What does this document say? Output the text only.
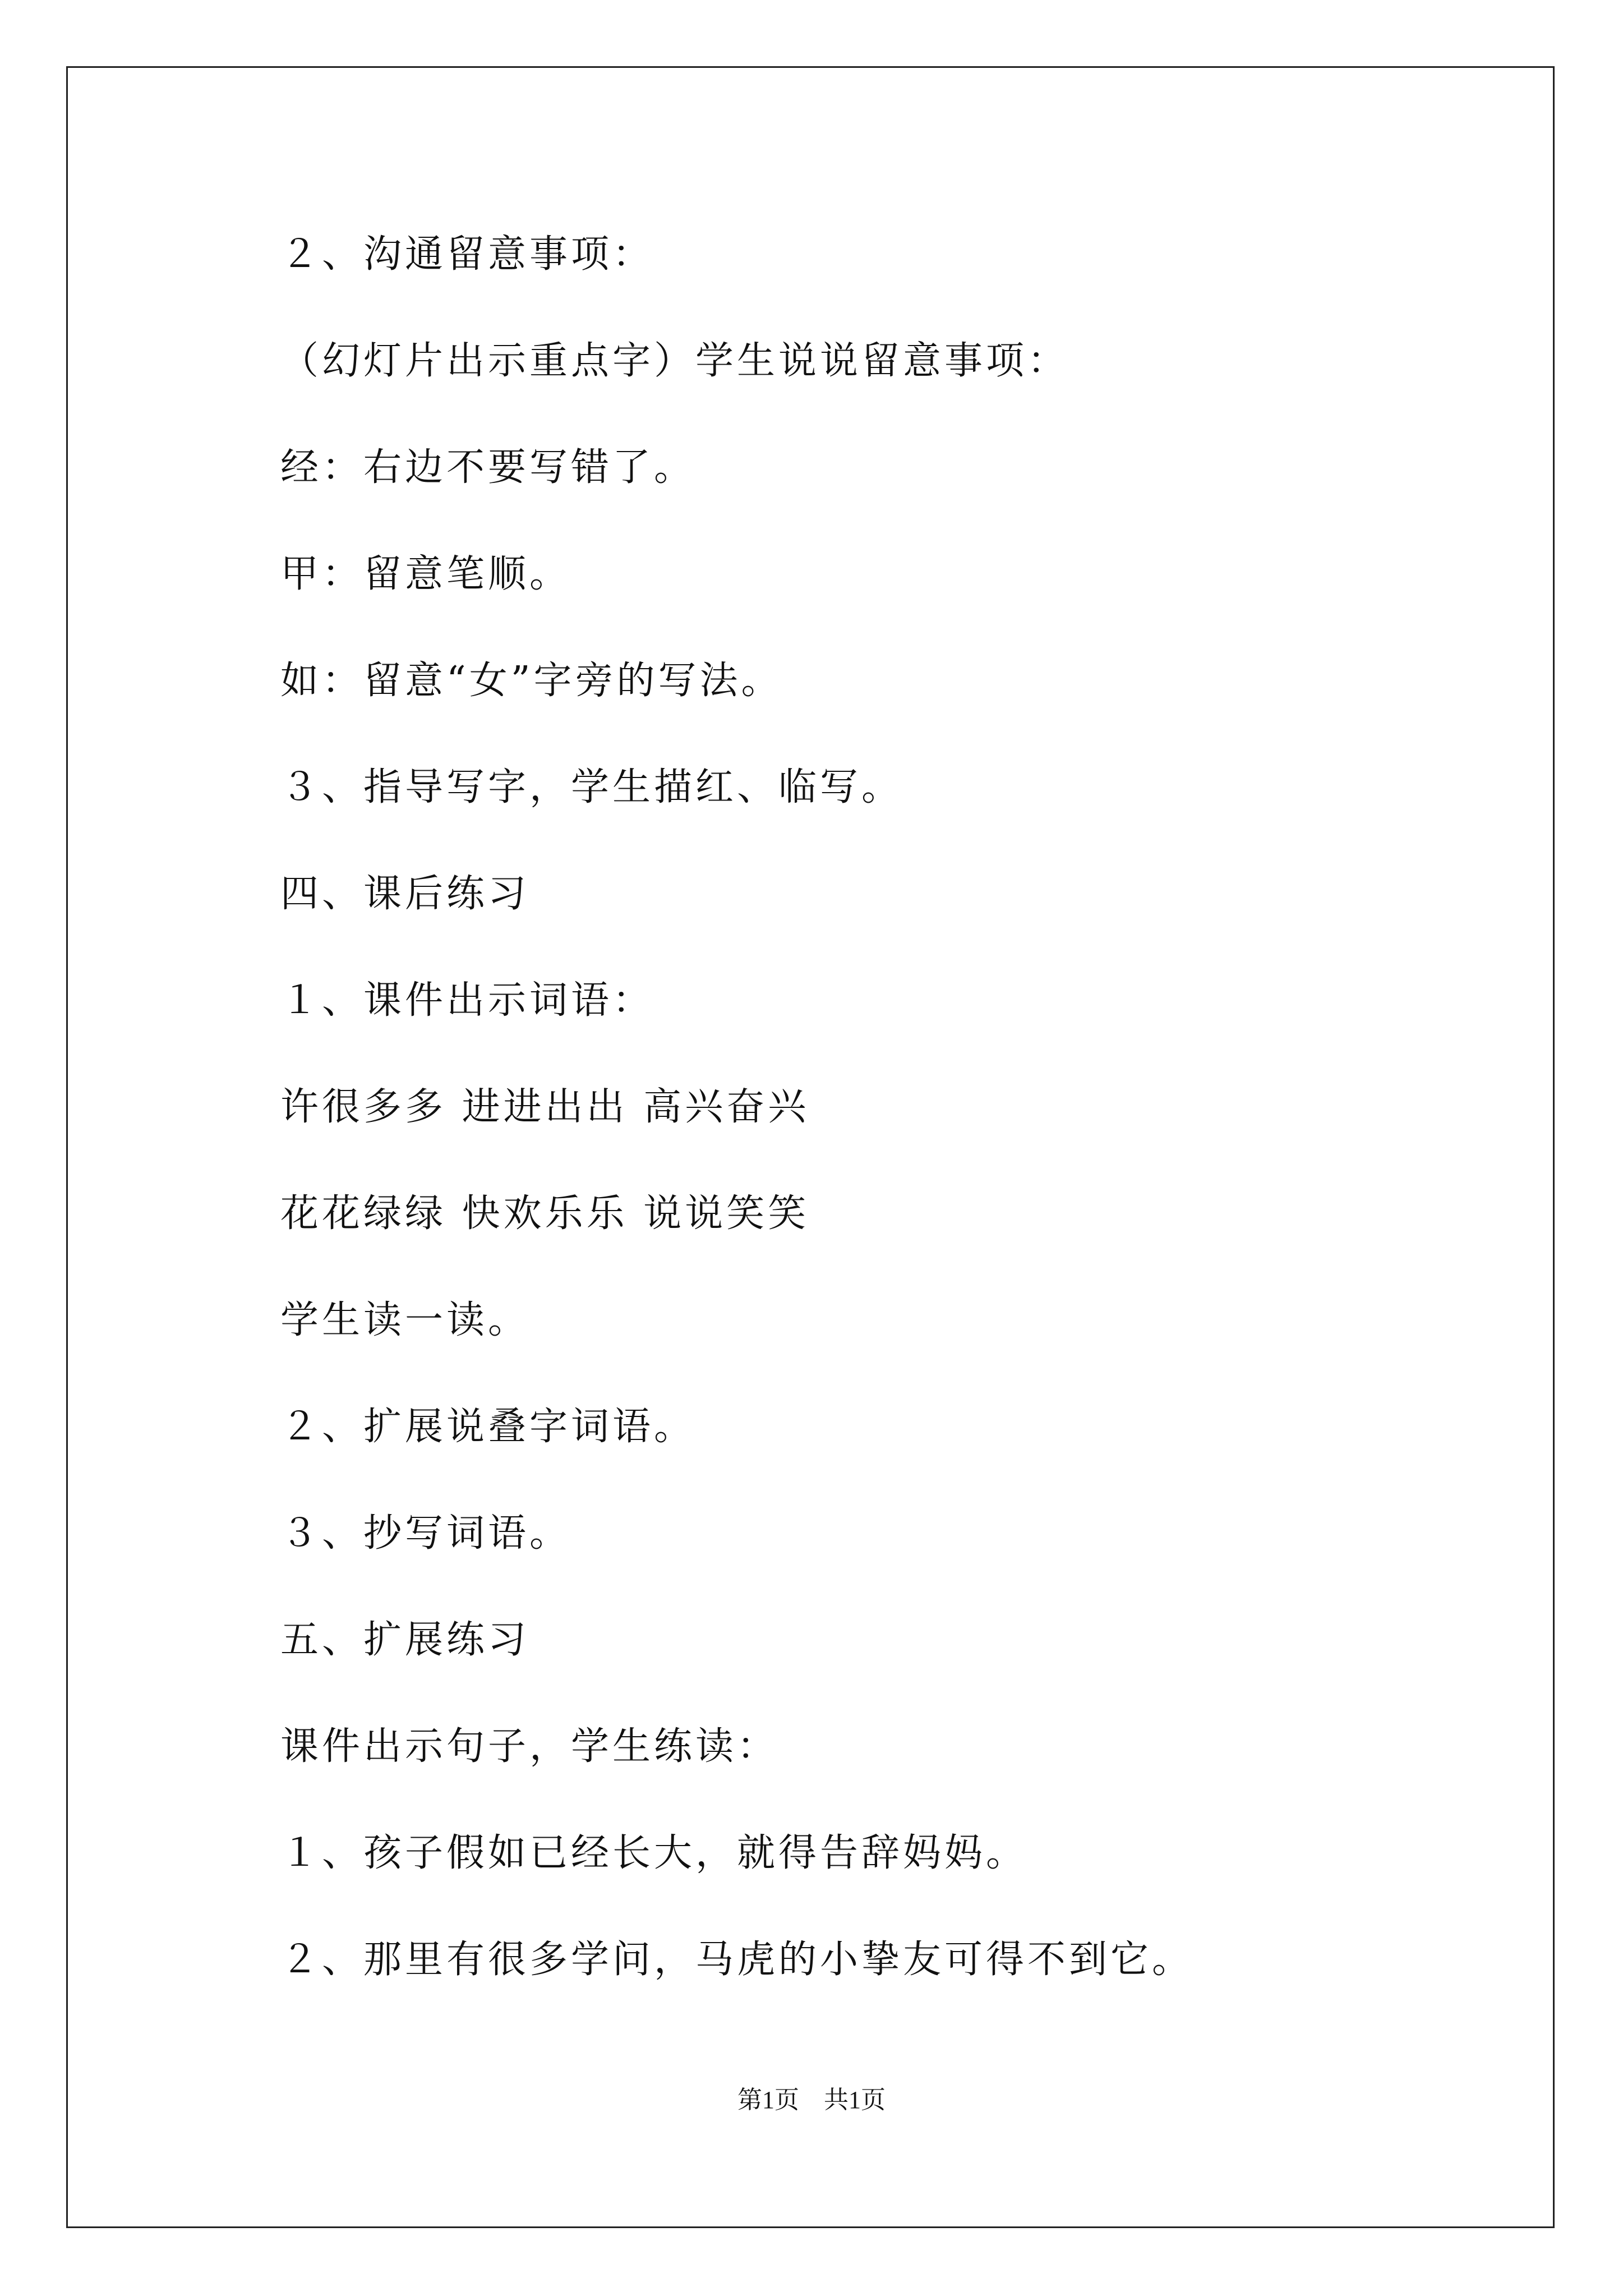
２、沟通留意事项：
（幻灯片出示重点字）学生说说留意事项：
经：右边不要写错了。
甲：留意笔顺。
如：留意“女”字旁的写法。
３、指导写字，学生描红、临写。
四、课后练习
１、课件出示词语：
许很多多 进进出出 高兴奋兴
花花绿绿 快欢乐乐 说说笑笑
学生读一读。
２、扩展说叠字词语。
３、抄写词语。
五、扩展练习
课件出示句子，学生练读：
１、孩子假如已经长大，就得告辞妈妈。
２、那里有很多学问，马虎的小挚友可得不到它。
第1页　共1页
